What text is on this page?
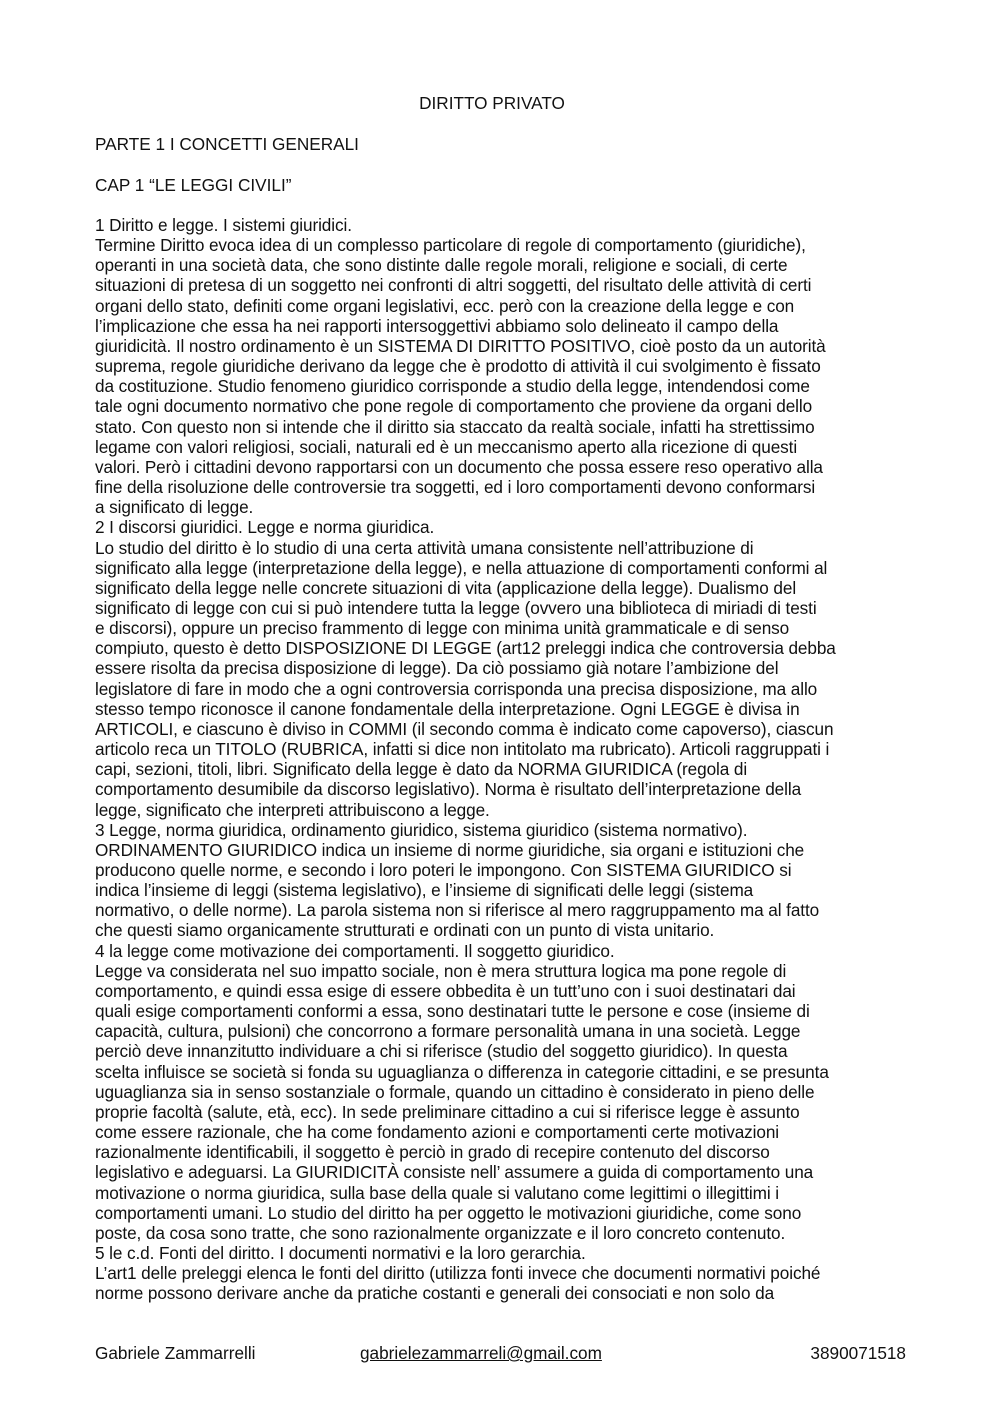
DIRITTO PRIVATO
PARTE 1 I CONCETTI GENERALI
CAP 1 “LE LEGGI CIVILI”
1 Diritto e legge. I sistemi giuridici.
Termine Diritto evoca idea di un complesso particolare di regole di comportamento (giuridiche),
operanti in una società data, che sono distinte dalle regole morali, religione e sociali, di certe
situazioni di pretesa di un soggetto nei confronti di altri soggetti, del risultato delle attività di certi
organi dello stato, definiti come organi legislativi, ecc. però con la creazione della legge e con
l’implicazione che essa ha nei rapporti intersoggettivi abbiamo solo delineato il campo della
giuridicità. Il nostro ordinamento è un SISTEMA DI DIRITTO POSITIVO, cioè posto da un autorità
suprema, regole giuridiche derivano da legge che è prodotto di attività il cui svolgimento è fissato
da costituzione. Studio fenomeno giuridico corrisponde a studio della legge, intendendosi come
tale ogni documento normativo che pone regole di comportamento che proviene da organi dello
stato. Con questo non si intende che il diritto sia staccato da realtà sociale, infatti ha strettissimo
legame con valori religiosi, sociali, naturali ed è un meccanismo aperto alla ricezione di questi
valori. Però i cittadini devono rapportarsi con un documento che possa essere reso operativo alla
fine della risoluzione delle controversie tra soggetti, ed i loro comportamenti devono conformarsi
a significato di legge.
2 I discorsi giuridici. Legge e norma giuridica.
Lo studio del diritto è lo studio di una certa attività umana consistente nell’attribuzione di
significato alla legge (interpretazione della legge), e nella attuazione di comportamenti conformi al
significato della legge nelle concrete situazioni di vita (applicazione della legge). Dualismo del
significato di legge con cui si può intendere tutta la legge (ovvero una biblioteca di miriadi di testi
e discorsi), oppure un preciso frammento di legge con minima unità grammaticale e di senso
compiuto, questo è detto DISPOSIZIONE DI LEGGE (art12 preleggi indica che controversia debba
essere risolta da precisa disposizione di legge). Da ciò possiamo già notare l’ambizione del
legislatore di fare in modo che a ogni controversia corrisponda una precisa disposizione, ma allo
stesso tempo riconosce il canone fondamentale della interpretazione. Ogni LEGGE è divisa in
ARTICOLI, e ciascuno è diviso in COMMI (il secondo comma è indicato come capoverso), ciascun
articolo reca un TITOLO (RUBRICA, infatti si dice non intitolato ma rubricato). Articoli raggruppati i
capi, sezioni, titoli, libri. Significato della legge è dato da NORMA GIURIDICA (regola di
comportamento desumibile da discorso legislativo). Norma è risultato dell’interpretazione della
legge, significato che interpreti attribuiscono a legge.
3 Legge, norma giuridica, ordinamento giuridico, sistema giuridico (sistema normativo).
ORDINAMENTO GIURIDICO indica un insieme di norme giuridiche, sia organi e istituzioni che
producono quelle norme, e secondo i loro poteri le impongono. Con SISTEMA GIURIDICO si
indica l’insieme di leggi (sistema legislativo), e l’insieme di significati delle leggi (sistema
normativo, o delle norme). La parola sistema non si riferisce al mero raggruppamento ma al fatto
che questi siamo organicamente strutturati e ordinati con un punto di vista unitario.
4 la legge come motivazione dei comportamenti. Il soggetto giuridico.
Legge va considerata nel suo impatto sociale, non è mera struttura logica ma pone regole di
comportamento, e quindi essa esige di essere obbedita è un tutt’uno con i suoi destinatari dai
quali esige comportamenti conformi a essa, sono destinatari tutte le persone e cose (insieme di
capacità, cultura, pulsioni) che concorrono a formare personalità umana in una società. Legge
perciò deve innanzitutto individuare a chi si riferisce (studio del soggetto giuridico). In questa
scelta influisce se società si fonda su uguaglianza o differenza in categorie cittadini, e se presunta
uguaglianza sia in senso sostanziale o formale, quando un cittadino è considerato in pieno delle
proprie facoltà (salute, età, ecc). In sede preliminare cittadino a cui si riferisce legge è assunto
come essere razionale, che ha come fondamento azioni e comportamenti certe motivazioni
razionalmente identificabili, il soggetto è perciò in grado di recepire contenuto del discorso
legislativo e adeguarsi. La GIURIDICITÀ consiste nell’ assumere a guida di comportamento una
motivazione o norma giuridica, sulla base della quale si valutano come legittimi o illegittimi i
comportamenti umani. Lo studio del diritto ha per oggetto le motivazioni giuridiche, come sono
poste, da cosa sono tratte, che sono razionalmente organizzate e il loro concreto contenuto.
5 le c.d. Fonti del diritto. I documenti normativi e la loro gerarchia.
L’art1 delle preleggi elenca le fonti del diritto (utilizza fonti invece che documenti normativi poiché
norme possono derivare anche da pratiche costanti e generali dei consociati e non solo da
Gabriele Zammarrelli	gabrielezammarreli@gmail.com	3890071518
